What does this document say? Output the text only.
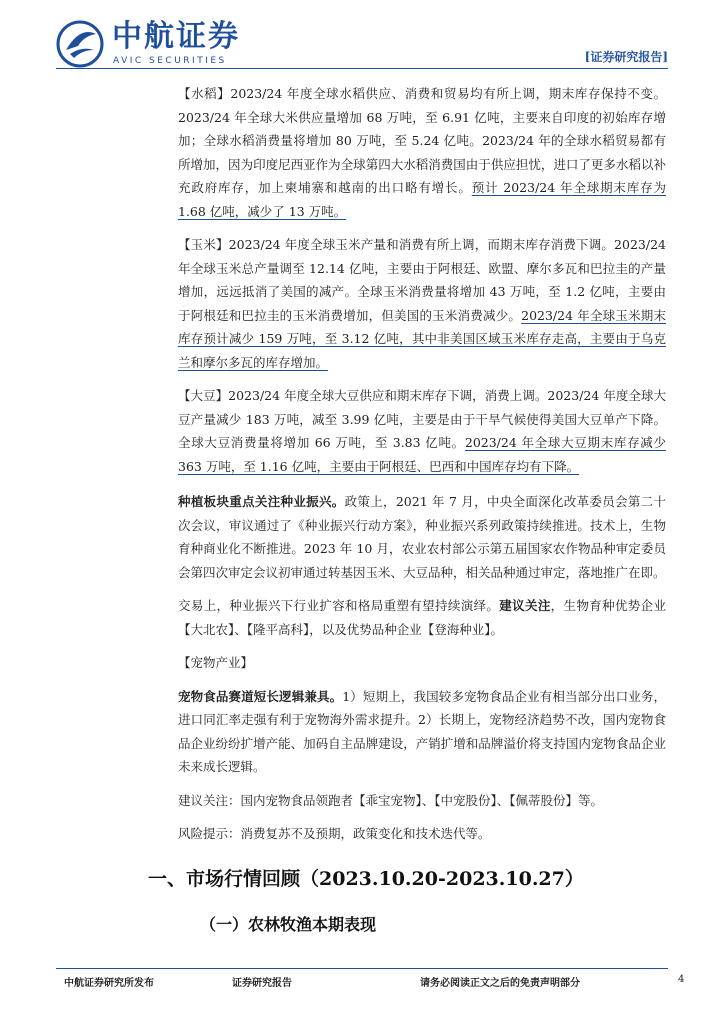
中航证券
AVIC SECURITIES	[证券研究报告]

【水稻】2023/24 年度全球水稻供应、消费和贸易均有所上调，期末库存保持不变。2023/24 年全球大米供应量增加 68 万吨，至 6.91 亿吨，主要来自印度的初始库存增加；全球水稻消费量将增加 80 万吨，至 5.24 亿吨。2023/24 年的全球水稻贸易都有所增加，因为印度尼西亚作为全球第四大水稻消费国由于供应担忧，进口了更多水稻以补充政府库存，加上柬埔寨和越南的出口略有增长。预计 2023/24 年全球期末库存为 1.68 亿吨，减少了 13 万吨。

【玉米】2023/24 年度全球玉米产量和消费有所上调，而期末库存消费下调。2023/24 年全球玉米总产量调至 12.14 亿吨，主要由于阿根廷、欧盟、摩尔多瓦和巴拉圭的产量增加，远远抵消了美国的减产。全球玉米消费量将增加 43 万吨，至 1.2 亿吨，主要由于阿根廷和巴拉圭的玉米消费增加，但美国的玉米消费减少。2023/24 年全球玉米期末库存预计减少 159 万吨，至 3.12 亿吨，其中非美国区域玉米库存走高，主要由于乌克兰和摩尔多瓦的库存增加。

【大豆】2023/24 年度全球大豆供应和期末库存下调，消费上调。2023/24 年度全球大豆产量减少 183 万吨，减至 3.99 亿吨，主要是由于干旱气候使得美国大豆单产下降。全球大豆消费量将增加 66 万吨，至 3.83 亿吨。2023/24 年全球大豆期末库存减少 363 万吨，至 1.16 亿吨，主要由于阿根廷、巴西和中国库存均有下降。

种植板块重点关注种业振兴。政策上，2021 年 7 月，中央全面深化改革委员会第二十次会议，审议通过了《种业振兴行动方案》，种业振兴系列政策持续推进。技术上，生物育种商业化不断推进。2023 年 10 月，农业农村部公示第五届国家农作物品种审定委员会第四次审定会议初审通过转基因玉米、大豆品种，相关品种通过审定，落地推广在即。

交易上，种业振兴下行业扩容和格局重塑有望持续演绎。建议关注，生物育种优势企业【大北农】、【隆平高科】，以及优势品种企业【登海种业】。

【宠物产业】

宠物食品赛道短长逻辑兼具。1）短期上，我国较多宠物食品企业有相当部分出口业务，进口同汇率走强有利于宠物海外需求提升。2）长期上，宠物经济趋势不改，国内宠物食品企业纷纷扩增产能、加码自主品牌建设，产销扩增和品牌溢价将支持国内宠物食品企业未来成长逻辑。

建议关注：国内宠物食品领跑者【乖宝宠物】、【中宠股份】、【佩蒂股份】等。

风险提示：消费复苏不及预期，政策变化和技术迭代等。

一、市场行情回顾（2023.10.20-2023.10.27）
（一）农林牧渔本期表现
中航证券研究所发布	证券研究报告	请务必阅读正文之后的免责声明部分	4
